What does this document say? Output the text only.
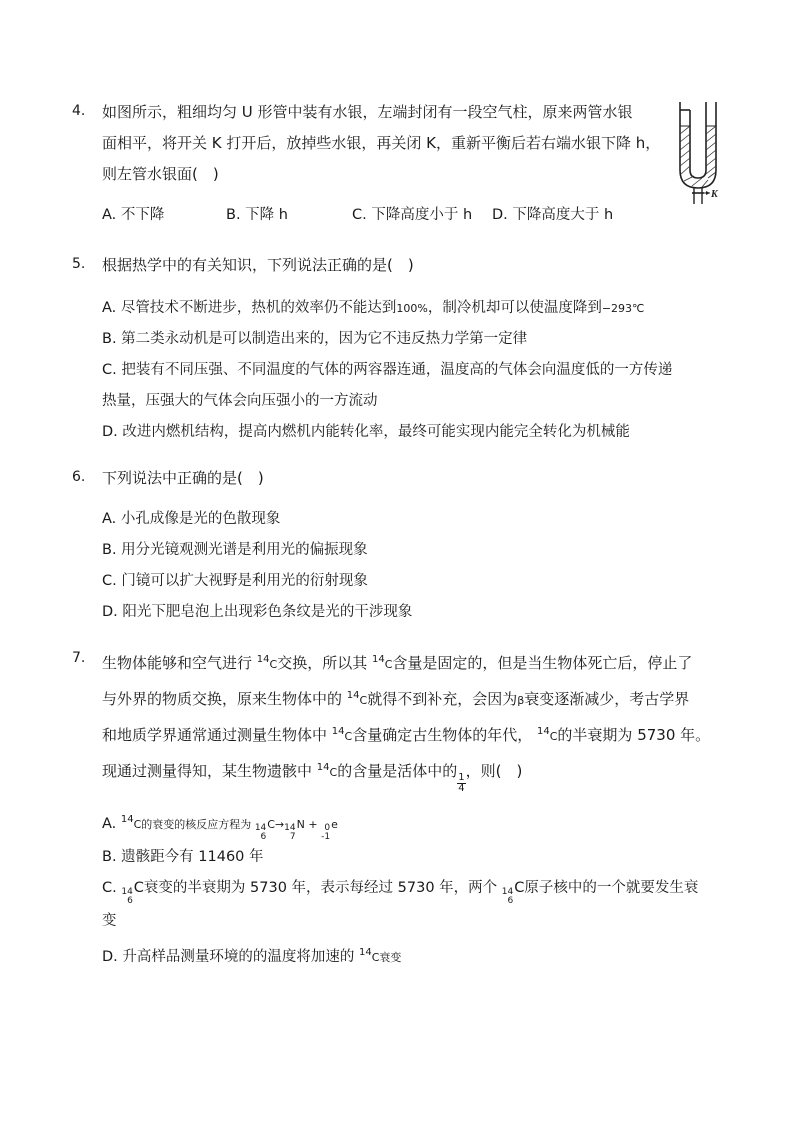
4.	如图所示，粗细均匀 U 形管中装有水银，左端封闭有一段空气柱，原来两管水银
面相平，将开关 K 打开后，放掉些水银，再关闭 K，重新平衡后若右端水银下降 h，
则左管水银面(　)
A. 不下降	B. 下降 h	C. 下降高度小于 h	D. 下降高度大于 h
K
5.	根据热学中的有关知识，下列说法正确的是(　)
A. 尽管技术不断进步，热机的效率仍不能达到100%，制冷机却可以使温度降到−293℃
B. 第二类永动机是可以制造出来的，因为它不违反热力学第一定律
C. 把装有不同压强、不同温度的气体的两容器连通，温度高的气体会向温度低的一方传递
热量，压强大的气体会向压强小的一方流动
D. 改进内燃机结构，提高内燃机内能转化率，最终可能实现内能完全转化为机械能
6.	下列说法中正确的是(　)
A. 小孔成像是光的色散现象
B. 用分光镜观测光谱是利用光的偏振现象
C. 门镜可以扩大视野是利用光的衍射现象
D. 阳光下肥皂泡上出现彩色条纹是光的干涉现象
7.	生物体能够和空气进行 $^{14}$C交换，所以其 $^{14}$C含量是固定的，但是当生物体死亡后，停止了
与外界的物质交换，原来生物体中的 $^{14}$C就得不到补充，会因为β衰变逐渐减少，考古学界
和地质学界通常通过测量生物体中 $^{14}$C含量确定古生物体的年代， $^{14}$C的半衰期为 5730 年。
现通过测量得知，某生物遗骸中 $^{14}$C的含量是活体中的
$\frac{1}{4}$
，则(　)
A. $^{14}$C的衰变的核反应方程为 14
6
C→ 14
7
N + 0
-1
e
B. 遗骸距今有 11460 年
C. 14
6
C衰变的半衰期为 5730 年，表示每经过 5730 年，两个 14
6
C原子核中的一个就要发生衰
变
D. 升高样品测量环境的的温度将加速的 $^{14}$C衰变
